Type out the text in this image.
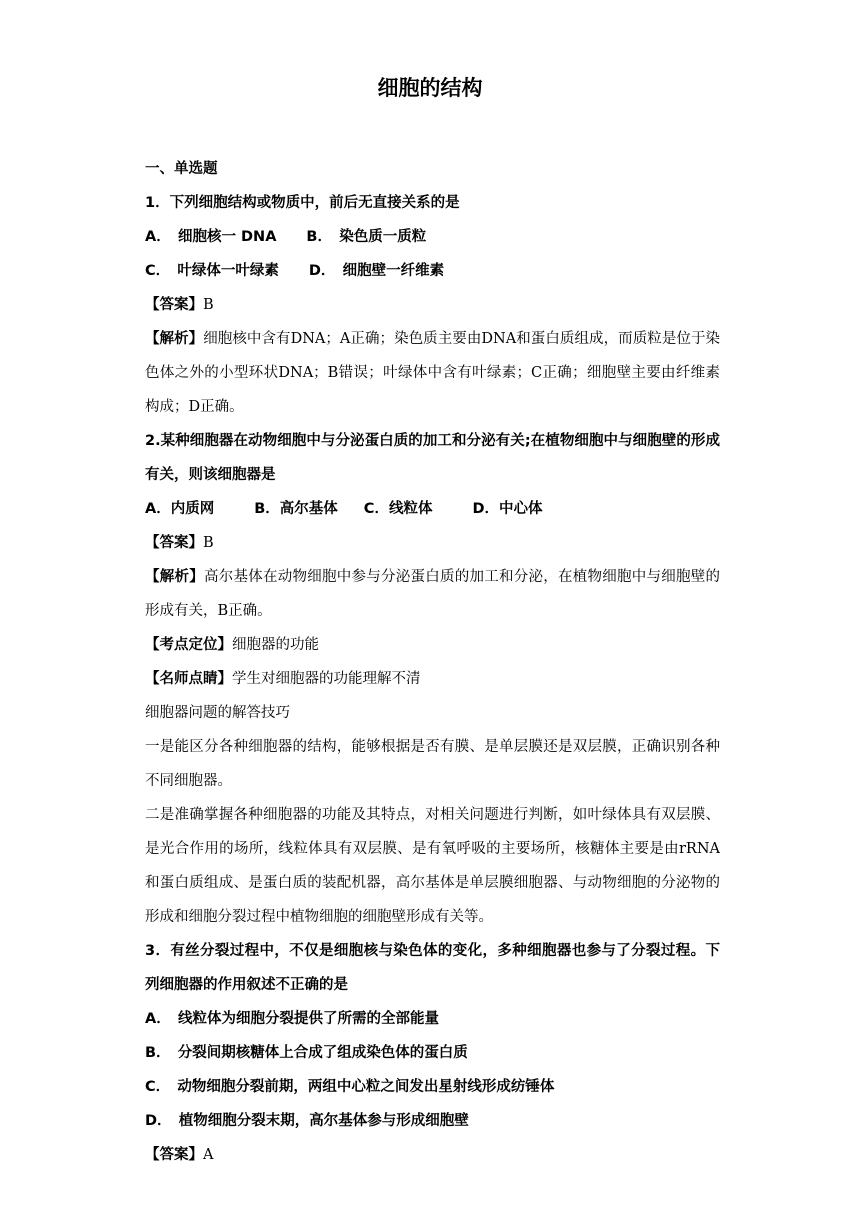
细胞的结构
一、单选题
1．下列细胞结构或物质中，前后无直接关系的是
A．　细胞核一 DNA B．　染色质一质粒
C．　叶绿体一叶绿素 D．　细胞壁一纤维素
【答案】B
【解析】细胞核中含有DNA；A正确；染色质主要由DNA和蛋白质组成，而质粒是位于染色体之外的小型环状DNA；B错误；叶绿体中含有叶绿素；C正确；细胞壁主要由纤维素构成；D正确。
2.某种细胞器在动物细胞中与分泌蛋白质的加工和分泌有关;在植物细胞中与细胞壁的形成有关，则该细胞器是
A．内质网	B．高尔基体 C．线粒体	D．中心体
【答案】B
【解析】高尔基体在动物细胞中参与分泌蛋白质的加工和分泌，在植物细胞中与细胞壁的形成有关，B正确。
【考点定位】细胞器的功能
【名师点睛】学生对细胞器的功能理解不清
细胞器问题的解答技巧
一是能区分各种细胞器的结构，能够根据是否有膜、是单层膜还是双层膜，正确识别各种不同细胞器。
二是准确掌握各种细胞器的功能及其特点，对相关问题进行判断，如叶绿体具有双层膜、是光合作用的场所，线粒体具有双层膜、是有氧呼吸的主要场所，核糖体主要是由rRNA和蛋白质组成、是蛋白质的装配机器，高尔基体是单层膜细胞器、与动物细胞的分泌物的形成和细胞分裂过程中植物细胞的细胞壁形成有关等。
3．有丝分裂过程中，不仅是细胞核与染色体的变化，多种细胞器也参与了分裂过程。下列细胞器的作用叙述不正确的是
A．　线粒体为细胞分裂提供了所需的全部能量
B．　分裂间期核糖体上合成了组成染色体的蛋白质
C．　动物细胞分裂前期，两组中心粒之间发出星射线形成纺锤体
D．　植物细胞分裂末期，高尔基体参与形成细胞壁
【答案】A
